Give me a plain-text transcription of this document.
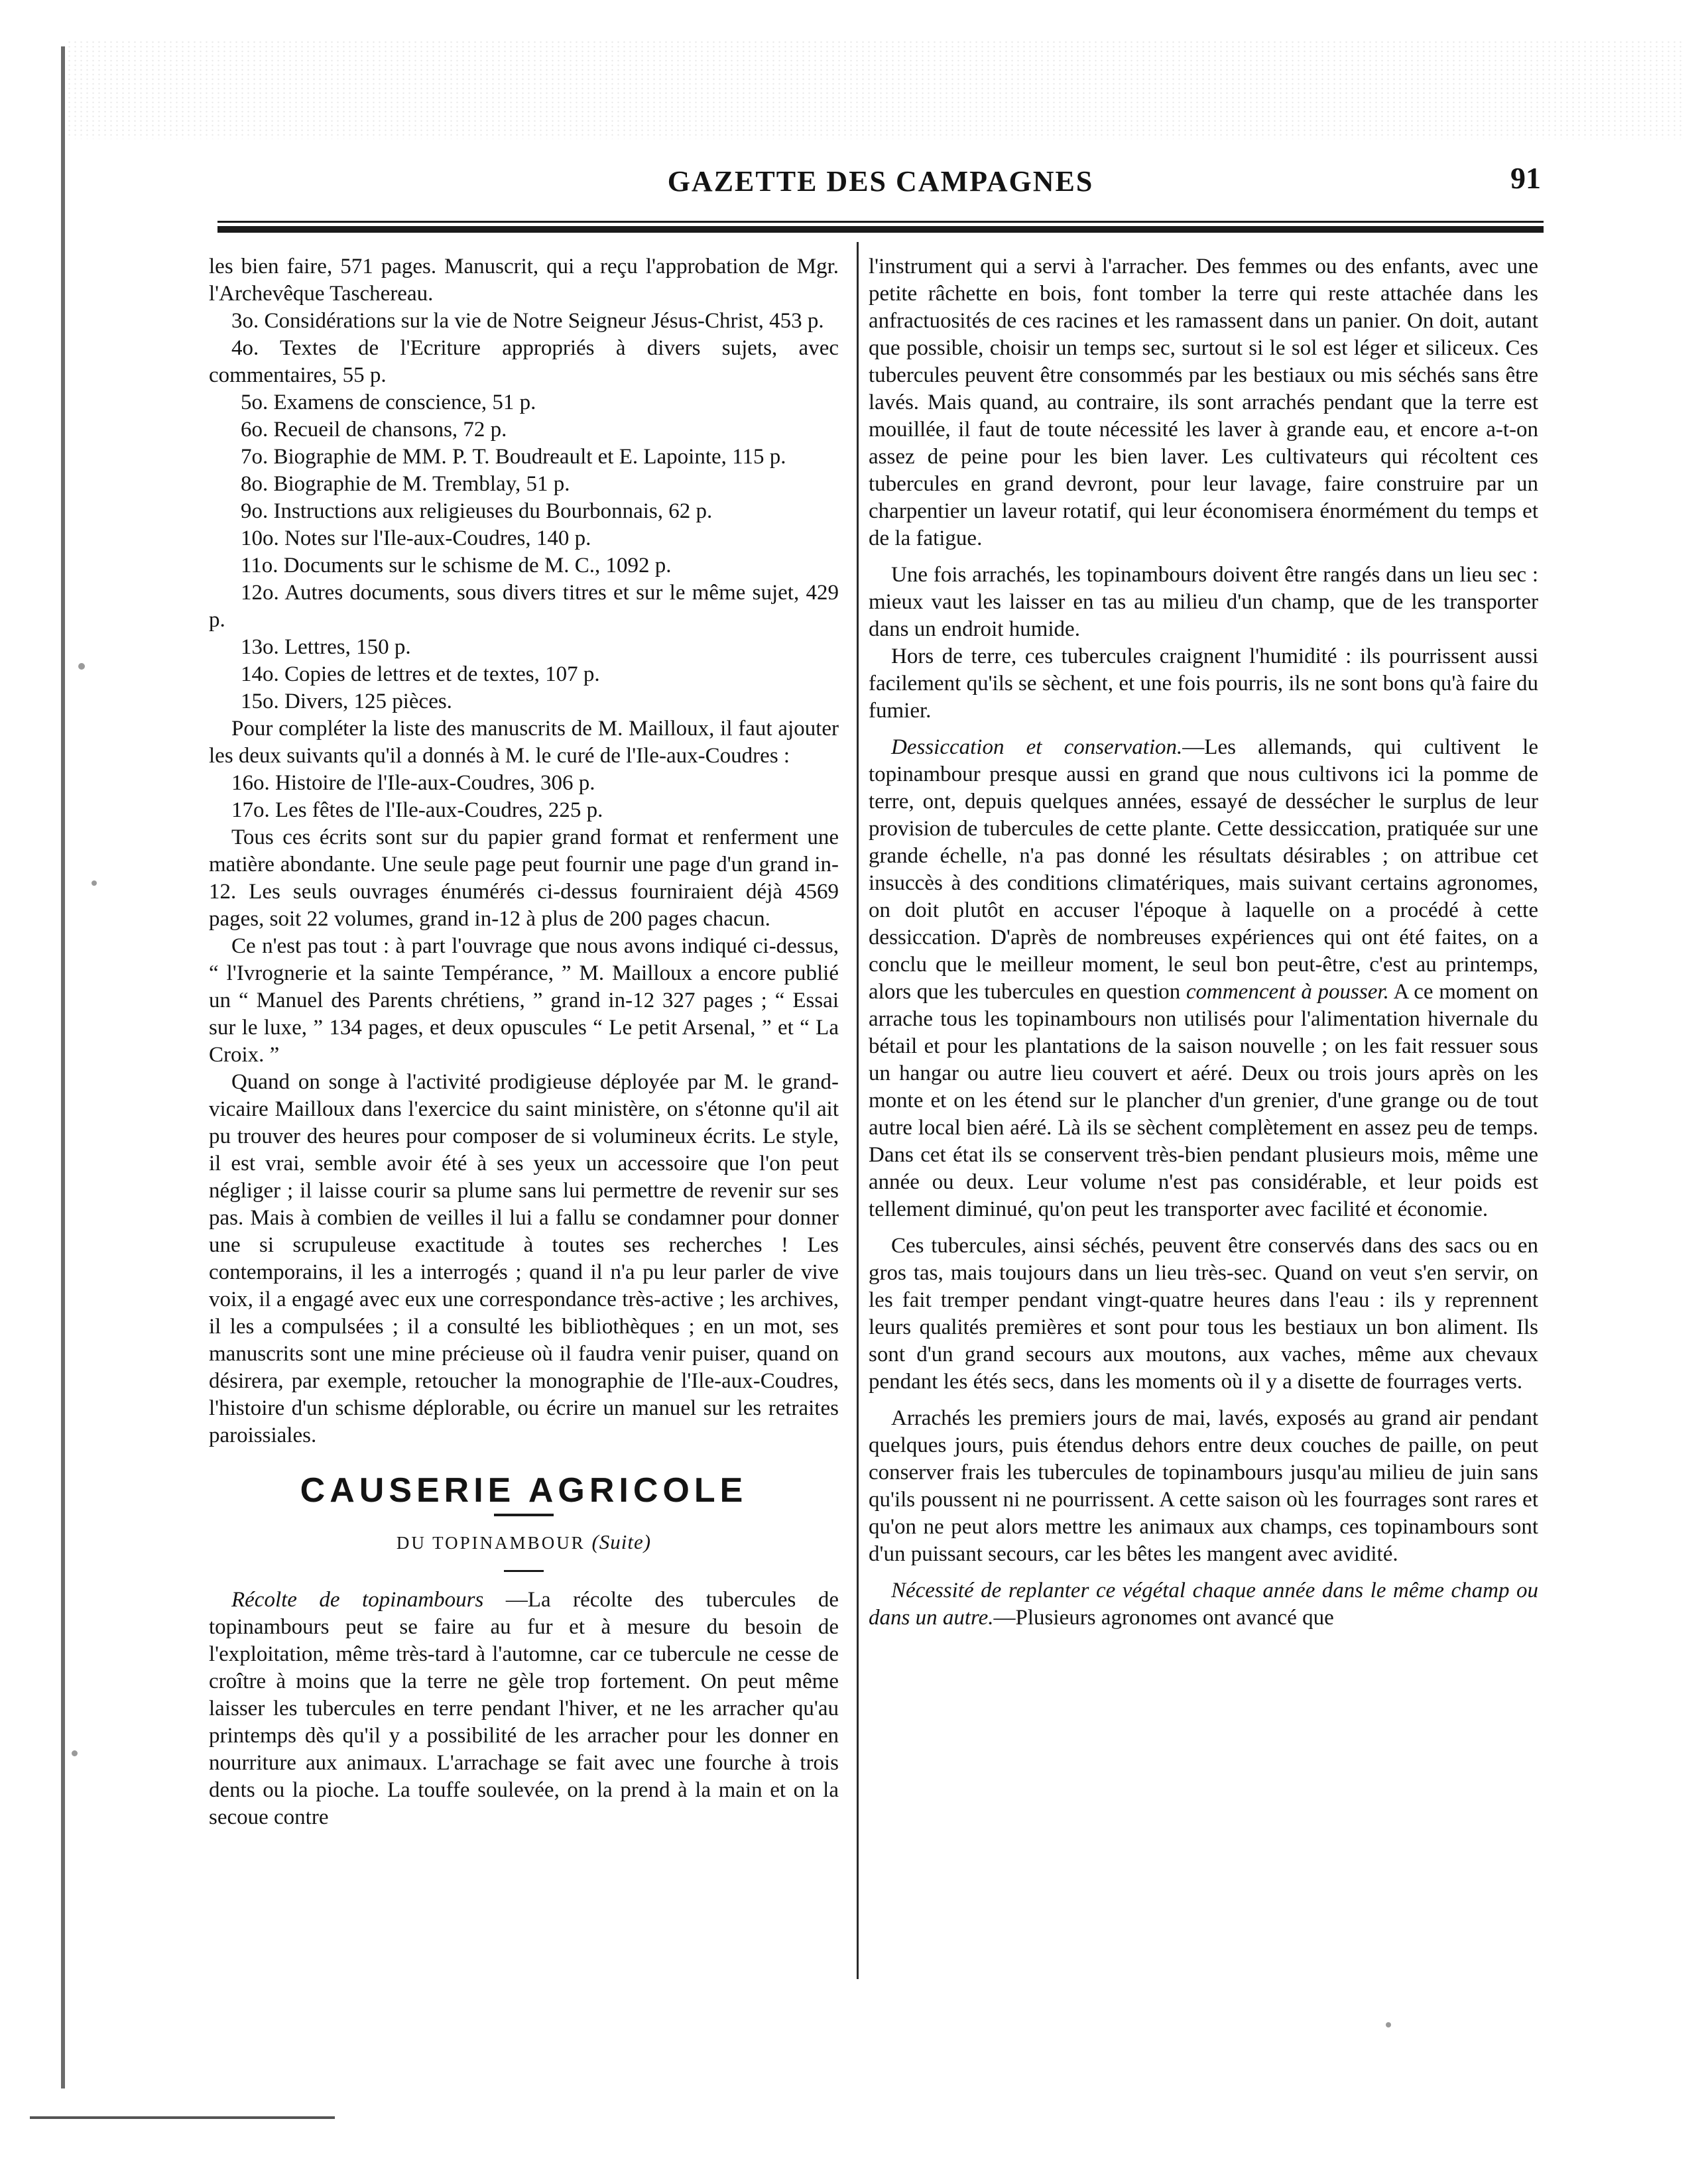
GAZETTE DES CAMPAGNES	91

les bien faire, 571 pages. Manuscrit, qui a reçu l'approbation de Mgr. l'Archevêque Taschereau.

3o. Considérations sur la vie de Notre Seigneur Jésus-Christ, 453 p.

4o. Textes de l'Ecriture appropriés à divers sujets, avec commentaires, 55 p.

5o. Examens de conscience, 51 p.

6o. Recueil de chansons, 72 p.

7o. Biographie de MM. P. T. Boudreault et E. Lapointe, 115 p.

8o. Biographie de M. Tremblay, 51 p.

9o. Instructions aux religieuses du Bourbonnais, 62 p.

10o. Notes sur l'Ile-aux-Coudres, 140 p.

11o. Documents sur le schisme de M. C., 1092 p.

12o. Autres documents, sous divers titres et sur le même sujet, 429 p.

13o. Lettres, 150 p.

14o. Copies de lettres et de textes, 107 p.

15o. Divers, 125 pièces.

Pour compléter la liste des manuscrits de M. Mailloux, il faut ajouter les deux suivants qu'il a donnés à M. le curé de l'Ile-aux-Coudres :

16o. Histoire de l'Ile-aux-Coudres, 306 p.

17o. Les fêtes de l'Ile-aux-Coudres, 225 p.

Tous ces écrits sont sur du papier grand format et renferment une matière abondante. Une seule page peut fournir une page d'un grand in-12. Les seuls ouvrages énumérés ci-dessus fourniraient déjà 4569 pages, soit 22 volumes, grand in-12 à plus de 200 pages chacun.

Ce n'est pas tout : à part l'ouvrage que nous avons indiqué ci-dessus, “ l'Ivrognerie et la sainte Tempérance, ” M. Mailloux a encore publié un “ Manuel des Parents chrétiens, ” grand in-12 327 pages ; “ Essai sur le luxe, ” 134 pages, et deux opuscules “ Le petit Arsenal, ” et “ La Croix. ”

Quand on songe à l'activité prodigieuse déployée par M. le grand-vicaire Mailloux dans l'exercice du saint ministère, on s'étonne qu'il ait pu trouver des heures pour composer de si volumineux écrits. Le style, il est vrai, semble avoir été à ses yeux un accessoire que l'on peut négliger ; il laisse courir sa plume sans lui permettre de revenir sur ses pas. Mais à combien de veilles il lui a fallu se condamner pour donner une si scrupuleuse exactitude à toutes ses recherches ! Les contemporains, il les a interrogés ; quand il n'a pu leur parler de vive voix, il a engagé avec eux une correspondance très-active ; les archives, il les a compulsées ; il a consulté les bibliothèques ; en un mot, ses manuscrits sont une mine précieuse où il faudra venir puiser, quand on désirera, par exemple, retoucher la monographie de l'Ile-aux-Coudres, l'histoire d'un schisme déplorable, ou écrire un manuel sur les retraites paroissiales.

CAUSERIE AGRICOLE
DU TOPINAMBOUR (Suite)

Récolte de topinambours —La récolte des tubercules de topinambours peut se faire au fur et à mesure du besoin de l'exploitation, même très-tard à l'automne, car ce tubercule ne cesse de croître à moins que la terre ne gèle trop fortement. On peut même laisser les tubercules en terre pendant l'hiver, et ne les arracher qu'au printemps dès qu'il y a possibilité de les arracher pour les donner en nourriture aux animaux. L'arrachage se fait avec une fourche à trois dents ou la pioche. La touffe soulevée, on la prend à la main et on la secoue contre

l'instrument qui a servi à l'arracher. Des femmes ou des enfants, avec une petite râchette en bois, font tomber la terre qui reste attachée dans les anfractuosités de ces racines et les ramassent dans un panier. On doit, autant que possible, choisir un temps sec, surtout si le sol est léger et siliceux. Ces tubercules peuvent être consommés par les bestiaux ou mis séchés sans être lavés. Mais quand, au contraire, ils sont arrachés pendant que la terre est mouillée, il faut de toute nécessité les laver à grande eau, et encore a-t-on assez de peine pour les bien laver. Les cultivateurs qui récoltent ces tubercules en grand devront, pour leur lavage, faire construire par un charpentier un laveur rotatif, qui leur économisera énormément du temps et de la fatigue.

Une fois arrachés, les topinambours doivent être rangés dans un lieu sec : mieux vaut les laisser en tas au milieu d'un champ, que de les transporter dans un endroit humide.

Hors de terre, ces tubercules craignent l'humidité : ils pourrissent aussi facilement qu'ils se sèchent, et une fois pourris, ils ne sont bons qu'à faire du fumier.

Dessiccation et conservation.—Les allemands, qui cultivent le topinambour presque aussi en grand que nous cultivons ici la pomme de terre, ont, depuis quelques années, essayé de dessécher le surplus de leur provision de tubercules de cette plante. Cette dessiccation, pratiquée sur une grande échelle, n'a pas donné les résultats désirables ; on attribue cet insuccès à des conditions climatériques, mais suivant certains agronomes, on doit plutôt en accuser l'époque à laquelle on a procédé à cette dessiccation. D'après de nombreuses expériences qui ont été faites, on a conclu que le meilleur moment, le seul bon peut-être, c'est au printemps, alors que les tubercules en question commencent à pousser. A ce moment on arrache tous les topinambours non utilisés pour l'alimentation hivernale du bétail et pour les plantations de la saison nouvelle ; on les fait ressuer sous un hangar ou autre lieu couvert et aéré. Deux ou trois jours après on les monte et on les étend sur le plancher d'un grenier, d'une grange ou de tout autre local bien aéré. Là ils se sèchent complètement en assez peu de temps. Dans cet état ils se conservent très-bien pendant plusieurs mois, même une année ou deux. Leur volume n'est pas considérable, et leur poids est tellement diminué, qu'on peut les transporter avec facilité et économie.

Ces tubercules, ainsi séchés, peuvent être conservés dans des sacs ou en gros tas, mais toujours dans un lieu très-sec. Quand on veut s'en servir, on les fait tremper pendant vingt-quatre heures dans l'eau : ils y reprennent leurs qualités premières et sont pour tous les bestiaux un bon aliment. Ils sont d'un grand secours aux moutons, aux vaches, même aux chevaux pendant les étés secs, dans les moments où il y a disette de fourrages verts.

Arrachés les premiers jours de mai, lavés, exposés au grand air pendant quelques jours, puis étendus dehors entre deux couches de paille, on peut conserver frais les tubercules de topinambours jusqu'au milieu de juin sans qu'ils poussent ni ne pourrissent. A cette saison où les fourrages sont rares et qu'on ne peut alors mettre les animaux aux champs, ces topinambours sont d'un puissant secours, car les bêtes les mangent avec avidité.

Nécessité de replanter ce végétal chaque année dans le même champ ou dans un autre.—Plusieurs agronomes ont avancé que
